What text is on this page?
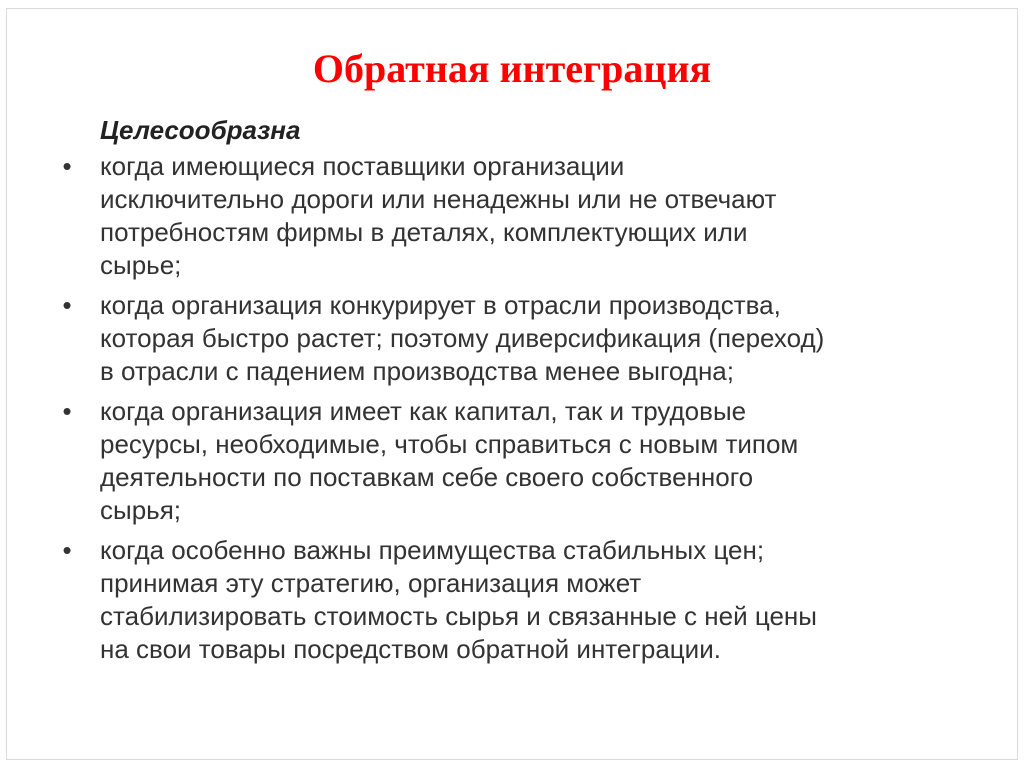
Обратная интеграция

Целесообразна

• когда имеющиеся поставщики организации
исключительно дороги или ненадежны или не отвечают
потребностям фирмы в деталях, комплектующих или
сырье;
• когда организация конкурирует в отрасли производства,
которая быстро растет; поэтому диверсификация (переход)
в отрасли с падением производства менее выгодна;
• когда организация имеет как капитал, так и трудовые
ресурсы, необходимые, чтобы справиться с новым типом
деятельности по поставкам себе своего собственного
сырья;
• когда особенно важны преимущества стабильных цен;
принимая эту стратегию, организация может
стабилизировать стоимость сырья и связанные с ней цены
на свои товары посредством обратной интеграции.
